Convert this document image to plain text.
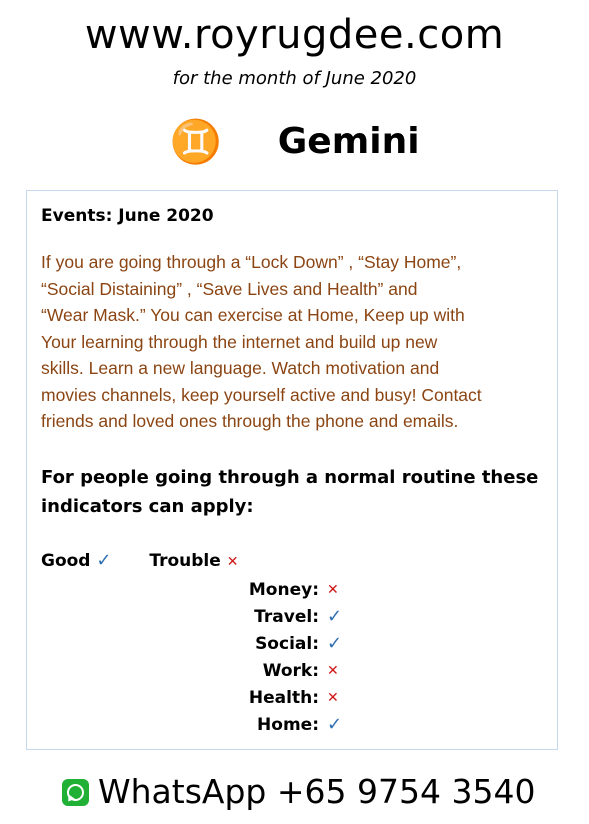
www.royrugdee.com
for the month of June 2020
♊ Gemini
Events: June 2020

If you are going through a “Lock Down” , “Stay Home”,
“Social Distaining” , “Save Lives and Health” and
“Wear Mask.” You can exercise at Home, Keep up with
Your learning through the internet and build up new
skills. Learn a new language. Watch motivation and
movies channels, keep yourself active and busy! Contact
friends and loved ones through the phone and emails.

For people going through a normal routine these
indicators can apply:

Good ✓ Trouble ✕
Money: ✕
Travel: ✓
Social: ✓
Work: ✕
Health: ✕
Home: ✓
WhatsApp +65 9754 3540
